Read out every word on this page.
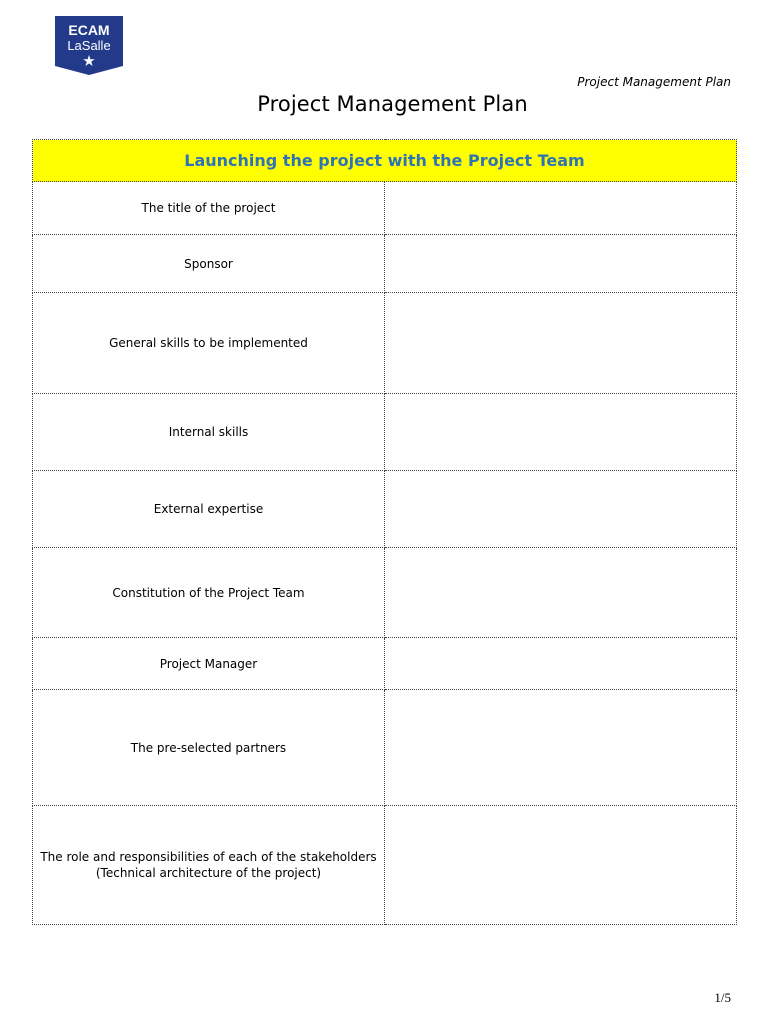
ECAM
LaSalle
Project Management Plan
Project Management Plan
Launching the project with the Project Team	
The title of the project	
Sponsor	
General skills to be implemented	
Internal skills	
External expertise	
Constitution of the Project Team	
Project Manager	
The pre-selected partners	
The role and responsibilities of each of the stakeholders (Technical architecture of the project)	
1/5
